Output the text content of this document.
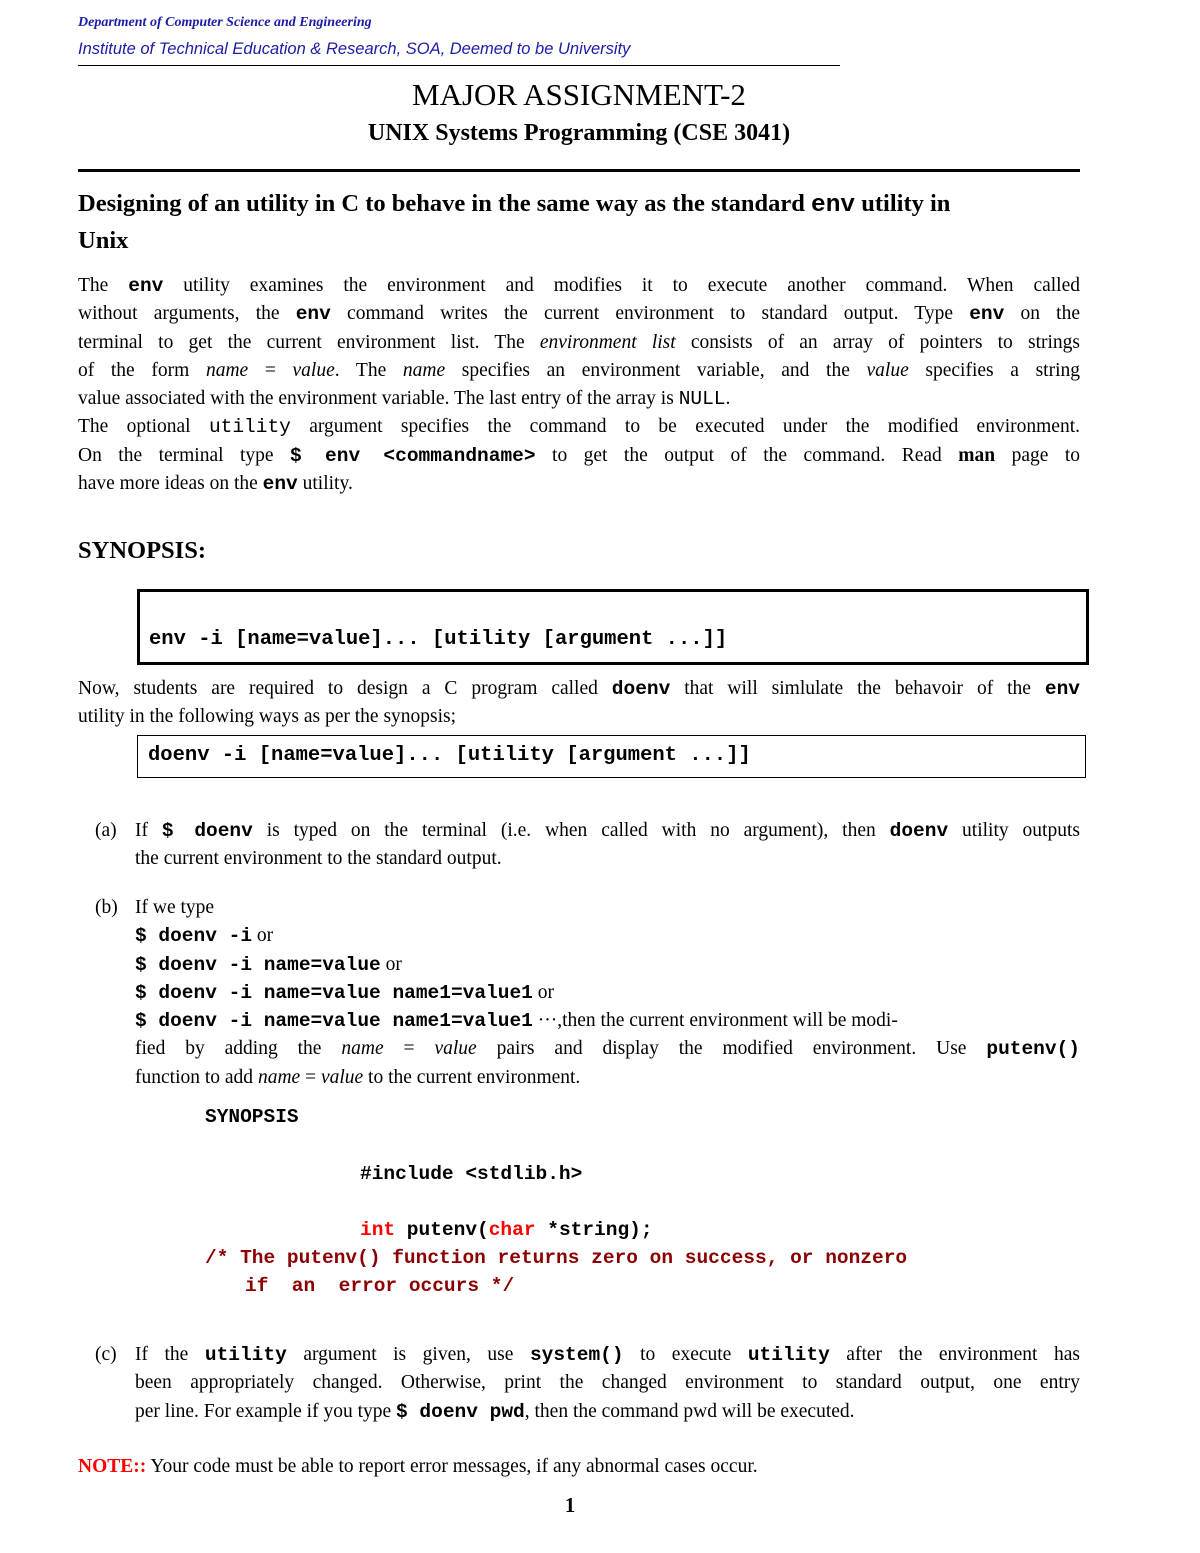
Department of Computer Science and Engineering
Institute of Technical Education & Research, SOA, Deemed to be University
MAJOR ASSIGNMENT-2
UNIX Systems Programming (CSE 3041)
Designing of an utility in C to behave in the same way as the standard env utility in
Unix
The env utility examines the environment and modifies it to execute another command. When called
without arguments, the env command writes the current environment to standard output. Type env on the
terminal to get the current environment list. The environment list consists of an array of pointers to strings
of the form name = value. The name specifies an environment variable, and the value specifies a string
value associated with the environment variable. The last entry of the array is NULL.
The optional utility argument specifies the command to be executed under the modified environment.
On the terminal type $ env <commandname> to get the output of the command. Read man page to
have more ideas on the env utility.
SYNOPSIS:
env -i [name=value]... [utility [argument ...]]
Now, students are required to design a C program called doenv that will simlulate the behavoir of the env
utility in the following ways as per the synopsis;
doenv -i [name=value]... [utility [argument ...]]
(a) If $ doenv is typed on the terminal (i.e. when called with no argument), then doenv utility outputs
the current environment to the standard output.
(b) If we type
$ doenv -i or
$ doenv -i name=value or
$ doenv -i name=value name1=value1 or
$ doenv -i name=value name1=value1 ···,then the current environment will be modi-
fied by adding the name = value pairs and display the modified environment. Use putenv()
function to add name = value to the current environment.
SYNOPSIS
#include <stdlib.h>
int putenv(char *string);
/* The putenv() function returns zero on success, or nonzero
if  an  error occurs */
(c) If the utility argument is given, use system() to execute utility after the environment has
been appropriately changed. Otherwise, print the changed environment to standard output, one entry
per line. For example if you type $ doenv pwd, then the command pwd will be executed.
NOTE:: Your code must be able to report error messages, if any abnormal cases occur.
1
